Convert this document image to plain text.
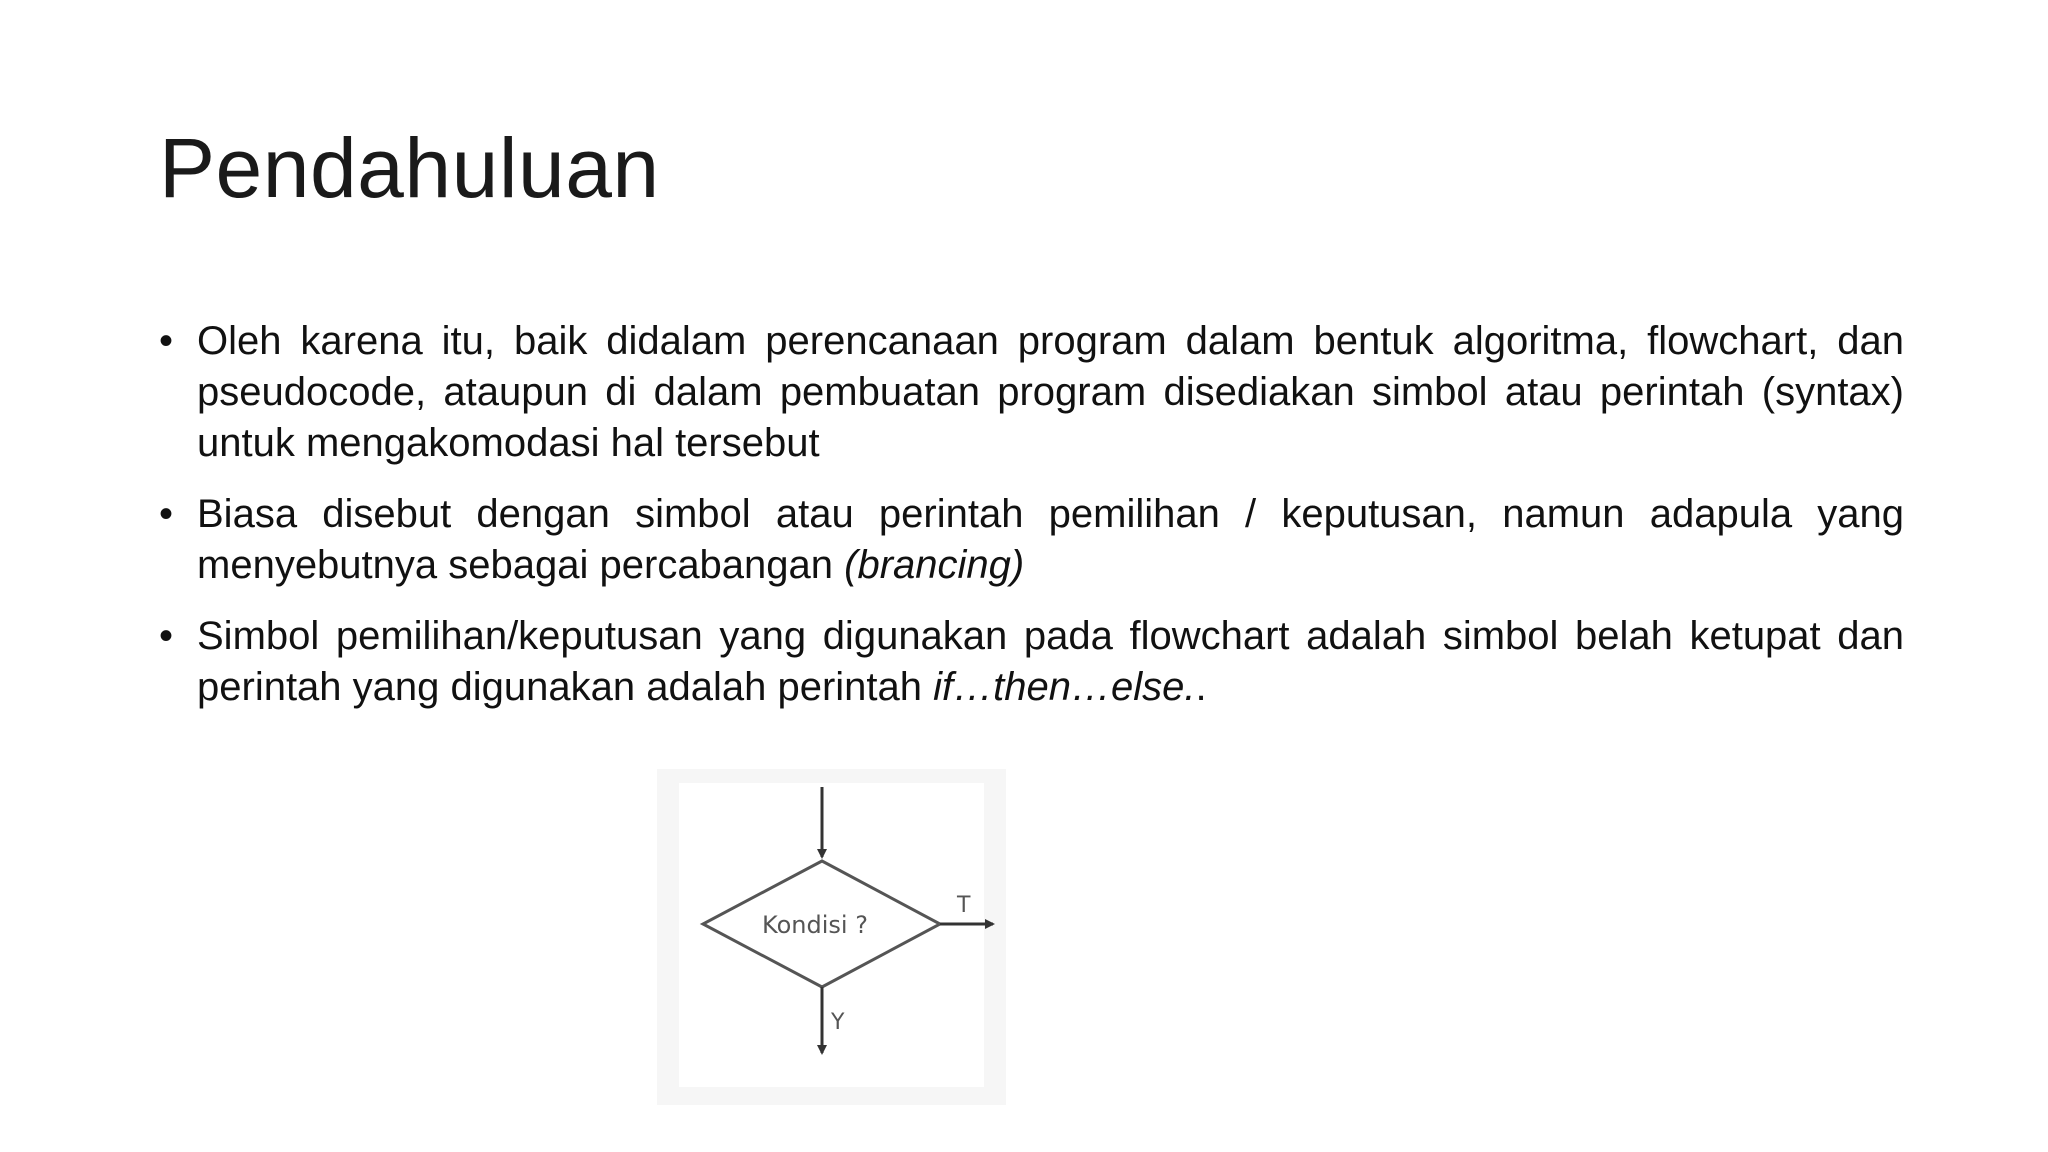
Pendahuluan
• Oleh karena itu, baik didalam perencanaan program dalam bentuk algoritma, flowchart, dan pseudocode, ataupun di dalam pembuatan program disediakan simbol atau perintah (syntax) untuk mengakomodasi hal tersebut
• Biasa disebut dengan simbol atau perintah pemilihan / keputusan, namun adapula yang menyebutnya sebagai percabangan (brancing)
• Simbol pemilihan/keputusan yang digunakan pada flowchart adalah simbol belah ketupat dan perintah yang digunakan adalah perintah if…then…else..
Kondisi ?
T
Y
